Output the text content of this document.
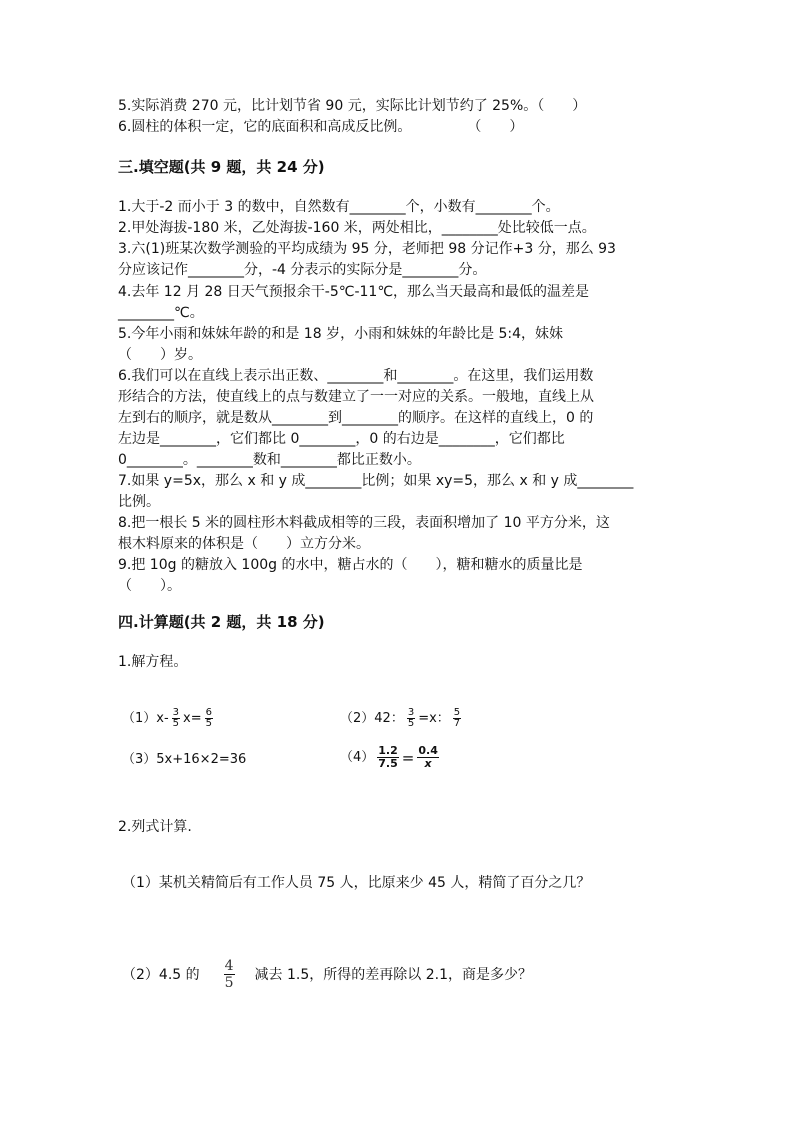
5.实际消费 270 元，比计划节省 90 元，实际比计划节约了 25%。（　　）
6.圆柱的体积一定，它的底面积和高成反比例。　　　　　（　　）
三.填空题(共 9 题，共 24 分)
1.大于-2 而小于 3 的数中，自然数有________个，小数有________个。
2.甲处海拔-180 米，乙处海拔-160 米，两处相比，________处比较低一点。
3.六(1)班某次数学测验的平均成绩为 95 分，老师把 98 分记作+3 分，那么 93
分应该记作________分，-4 分表示的实际分是________分。
4.去年 12 月 28 日天气预报余干-5℃-11℃，那么当天最高和最低的温差是
________℃。
5.今年小雨和妹妹年龄的和是 18 岁，小雨和妹妹的年龄比是 5:4，妹妹
（　　）岁。
6.我们可以在直线上表示出正数、________和________。在这里，我们运用数
形结合的方法，使直线上的点与数建立了一一对应的关系。一般地，直线上从
左到右的顺序，就是数从________到________的顺序。在这样的直线上，0 的
左边是________，它们都比 0________，0 的右边是________，它们都比
0________。________数和________都比正数小。
7.如果 y=5x，那么 x 和 y 成________比例；如果 xy=5，那么 x 和 y 成________
比例。
8.把一根长 5 米的圆柱形木料截成相等的三段，表面积增加了 10 平方分米，这
根木料原来的体积是（　　）立方分米。
9.把 10g 的糖放入 100g 的水中，糖占水的（　　），糖和糖水的质量比是
（　　）。
四.计算题(共 2 题，共 18 分)
1.解方程。
（1） $x- \frac{3}{5} x= \frac{6}{5}$	（2） 42： $\frac{3}{5} =x$： $\frac{5}{7}$
（3）5x+16×2=36	$(4) \frac{1.2}{7.5} = \frac{0.4}{x}$
2.列式计算.
（1）某机关精简后有工作人员 75 人，比原来少 45 人，精简了百分之几？
（2）4.5 的 $\frac{4}{5}$ 减去 1.5，所得的差再除以 2.1，商是多少？
